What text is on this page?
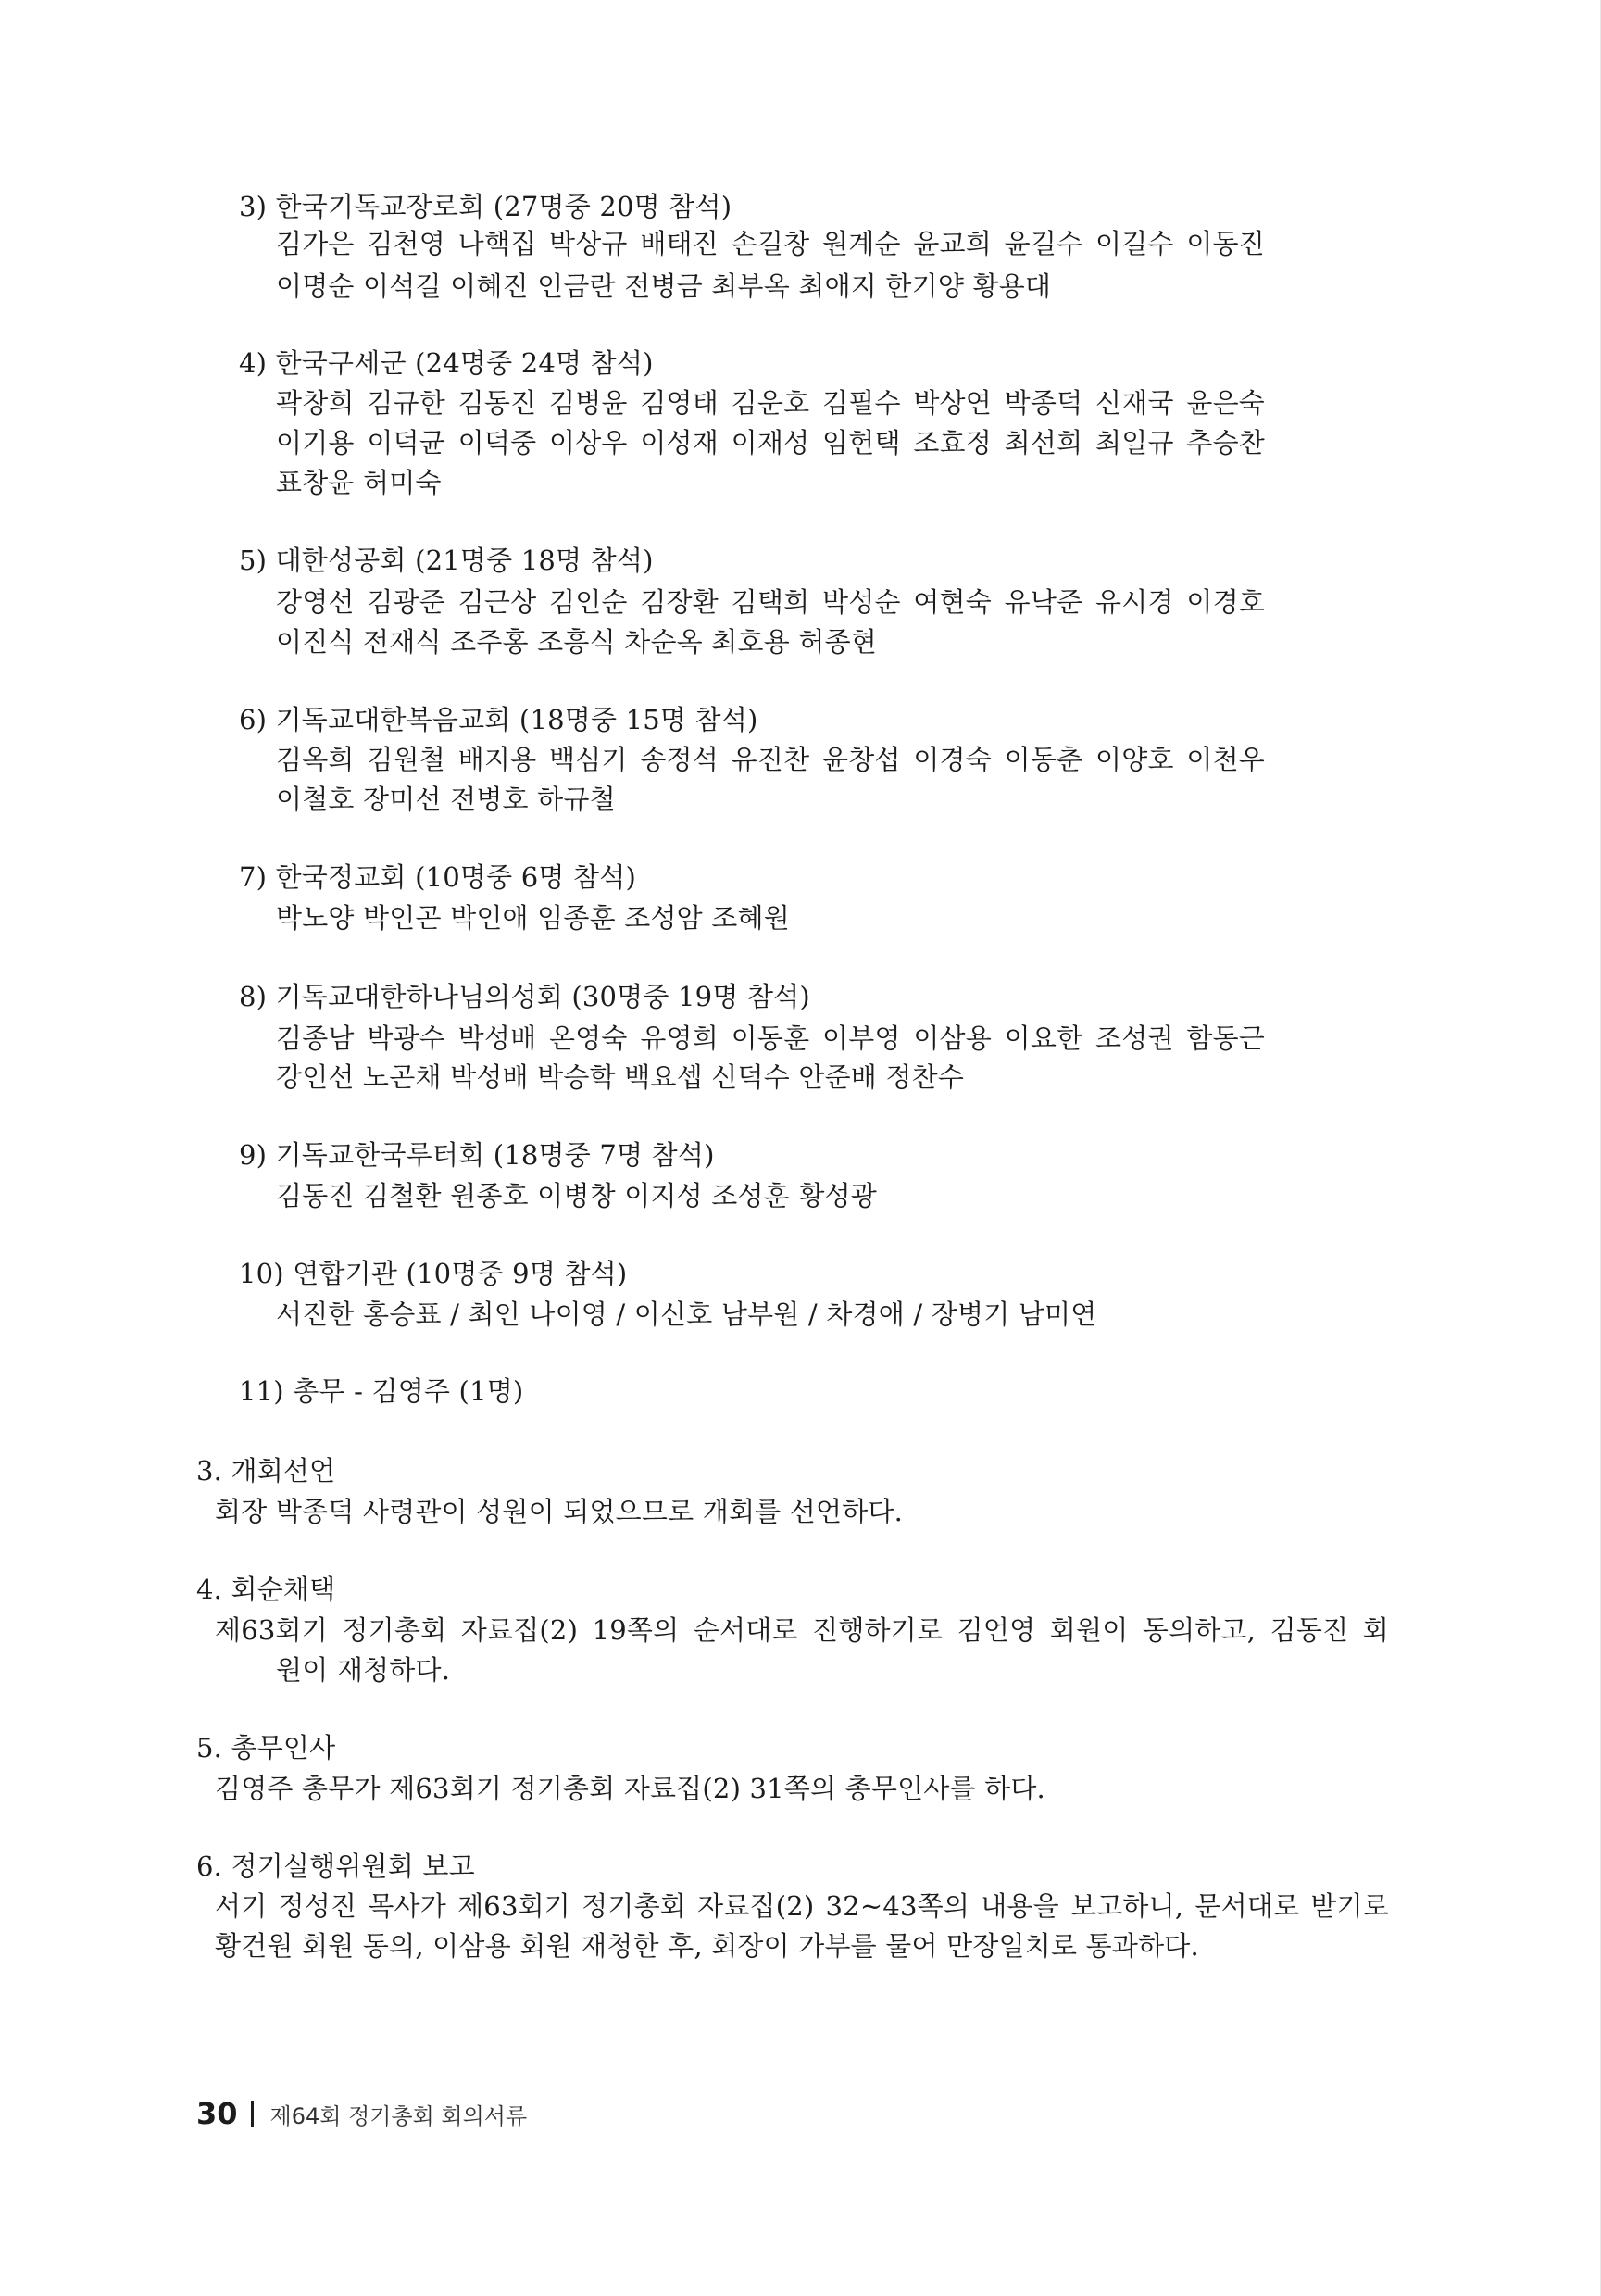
3) 한국기독교장로회 (27명중 20명 참석)
김가은 김천영 나핵집 박상규 배태진 손길창 원계순 윤교희 윤길수 이길수 이동진
이명순 이석길 이혜진 인금란 전병금 최부옥 최애지 한기양 황용대
4) 한국구세군 (24명중 24명 참석)
곽창희 김규한 김동진 김병윤 김영태 김운호 김필수 박상연 박종덕 신재국 윤은숙
이기용 이덕균 이덕중 이상우 이성재 이재성 임헌택 조효정 최선희 최일규 추승찬
표창윤 허미숙
5) 대한성공회 (21명중 18명 참석)
강영선 김광준 김근상 김인순 김장환 김택희 박성순 여현숙 유낙준 유시경 이경호
이진식 전재식 조주홍 조흥식 차순옥 최호용 허종현
6) 기독교대한복음교회 (18명중 15명 참석)
김옥희 김원철 배지용 백심기 송정석 유진찬 윤창섭 이경숙 이동춘 이양호 이천우
이철호 장미선 전병호 하규철
7) 한국정교회 (10명중 6명 참석)
박노양 박인곤 박인애 임종훈 조성암 조혜원
8) 기독교대한하나님의성회 (30명중 19명 참석)
김종남 박광수 박성배 온영숙 유영희 이동훈 이부영 이삼용 이요한 조성권 함동근
강인선 노곤채 박성배 박승학 백요셉 신덕수 안준배 정찬수
9) 기독교한국루터회 (18명중 7명 참석)
김동진 김철환 원종호 이병창 이지성 조성훈 황성광
10) 연합기관 (10명중 9명 참석)
서진한 홍승표 / 최인 나이영 / 이신호 남부원 / 차경애 / 장병기 남미연
11) 총무 - 김영주 (1명)
3. 개회선언
회장 박종덕 사령관이 성원이 되었으므로 개회를 선언하다.
4. 회순채택
제63회기 정기총회 자료집(2) 19쪽의 순서대로 진행하기로 김언영 회원이 동의하고, 김동진 회
원이 재청하다.
5. 총무인사
김영주 총무가 제63회기 정기총회 자료집(2) 31쪽의 총무인사를 하다.
6. 정기실행위원회 보고
서기 정성진 목사가 제63회기 정기총회 자료집(2) 32~43쪽의 내용을 보고하니, 문서대로 받기로
황건원 회원 동의, 이삼용 회원 재청한 후, 회장이 가부를 물어 만장일치로 통과하다.
30 제64회 정기총회 회의서류
